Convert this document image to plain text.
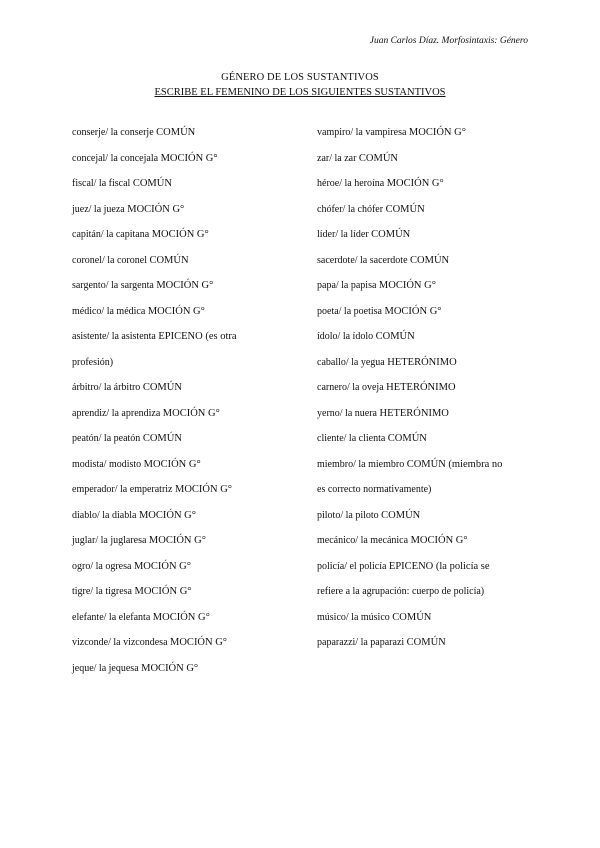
Juan Carlos Díaz. Morfosintaxis: Género
GÉNERO DE LOS SUSTANTIVOS
ESCRIBE EL FEMENINO DE LOS SIGUIENTES SUSTANTIVOS
conserje/ la conserje COMÚN
concejal/ la concejala MOCIÓN G°
fiscal/ la fiscal COMÚN
juez/ la jueza MOCIÓN G°
capitán/ la capitana MOCIÓN G°
coronel/ la coronel COMÚN
sargento/ la sargenta MOCIÓN G°
médico/ la médica MOCIÓN G°
asistente/ la asistenta EPICENO (es otra
profesión)
árbitro/ la árbitro COMÚN
aprendiz/ la aprendiza MOCIÓN G°
peatón/ la peatón COMÚN
modista/ modisto MOCIÓN G°
emperador/ la emperatriz MOCIÓN G°
diablo/ la diabla MOCIÓN G°
juglar/ la juglaresa MOCIÓN G°
ogro/ la ogresa MOCIÓN G°
tigre/ la tigresa MOCIÓN G°
elefante/ la elefanta MOCIÓN G°
vizconde/ la vizcondesa MOCIÓN G°
jeque/ la jequesa MOCIÓN G°
vampiro/ la vampiresa MOCIÓN G°
zar/ la zar COMÚN
héroe/ la heroína MOCIÓN G°
chófer/ la chófer COMÚN
líder/ la líder COMÚN
sacerdote/ la sacerdote COMÚN
papa/ la papisa MOCIÓN G°
poeta/ la poetisa MOCIÓN G°
ídolo/ la ídolo COMÚN
caballo/ la yegua HETERÓNIMO
carnero/ la oveja HETERÓNIMO
yerno/ la nuera HETERÓNIMO
cliente/ la clienta COMÚN
miembro/ la miembro COMÚN (miembra no
es correcto normativamente)
piloto/ la piloto COMÚN
mecánico/ la mecánica MOCIÓN G°
policía/ el policía EPICENO (la policía se
refiere a la agrupación: cuerpo de policía)
músico/ la músico COMÚN
paparazzi/ la paparazi COMÚN
